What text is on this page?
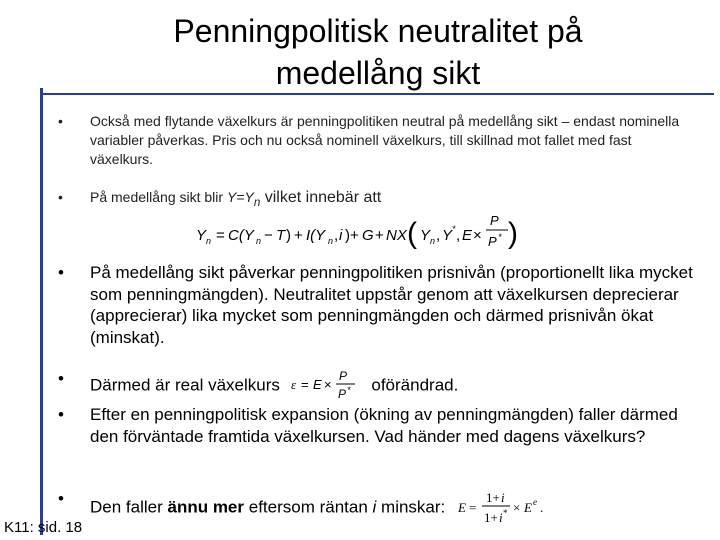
Penningpolitisk neutralitet på
medellång sikt
• Också med flytande växelkurs är penningpolitiken neutral på medellång sikt – endast nominella variabler påverkas. Pris och nu också nominell växelkurs, till skillnad mot fallet med fast växelkurs.
• På medellång sikt blir $Y=Y_n$ vilket innebär att
Y n = C(Y n − T ) + I(Y n , i )+ G + NX ( Y n , Y * , E ×
P
P * )
• På medellång sikt påverkar penningpolitiken prisnivån (proportionellt lika mycket som penningmängden). Neutralitet uppstår genom att växelkursen deprecierar (apprecierar) lika mycket som penningmängden och därmed prisnivån ökat (minskat).
• Därmed är real växelkurs ε = E ×
P
P * oförändrad.
• Efter en penningpolitisk expansion (ökning av penningmängden) faller därmed den förväntade framtida växelkursen. Vad händer med dagens växelkurs?
• Den faller ännu mer eftersom räntan i minskar: E =
1+ i
1+ i * × E e .
K11: sid. 18
